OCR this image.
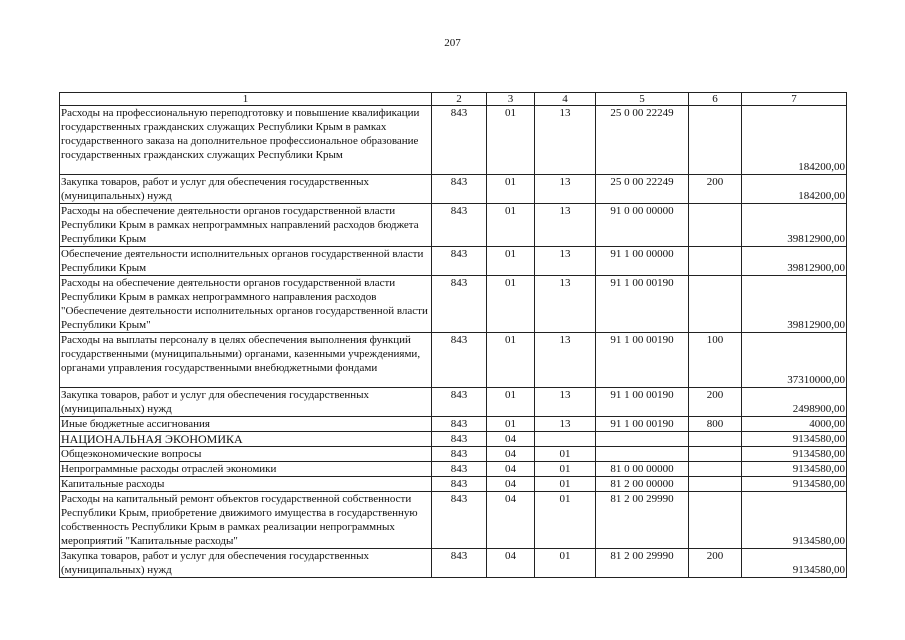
207
1	2	3	4	5	6	7
Расходы на профессиональную переподготовку и повышение квалификации государственных гражданских служащих Республики Крым в рамках государственного заказа на дополнительное профессиональное образование государственных гражданских служащих Республики Крым	843	01	13	25 0 00 22249		184200,00
Закупка товаров, работ и услуг для обеспечения государственных (муниципальных) нужд	843	01	13	25 0 00 22249	200	184200,00
Расходы на обеспечение деятельности органов государственной власти Республики Крым в рамках непрограммных направлений расходов бюджета Республики Крым	843	01	13	91 0 00 00000		39812900,00
Обеспечение деятельности исполнительных органов государственной власти Республики Крым	843	01	13	91 1 00 00000		39812900,00
Расходы на обеспечение деятельности органов государственной власти Республики Крым в рамках непрограммного направления расходов "Обеспечение деятельности исполнительных органов государственной власти Республики Крым"	843	01	13	91 1 00 00190		39812900,00
Расходы на выплаты персоналу в целях обеспечения выполнения функций государственными (муниципальными) органами, казенными учреждениями, органами управления государственными внебюджетными фондами	843	01	13	91 1 00 00190	100	37310000,00
Закупка товаров, работ и услуг для обеспечения государственных (муниципальных) нужд	843	01	13	91 1 00 00190	200	2498900,00
Иные бюджетные ассигнования	843	01	13	91 1 00 00190	800	4000,00
НАЦИОНАЛЬНАЯ ЭКОНОМИКА	843	04				9134580,00
Общеэкономические вопросы	843	04	01			9134580,00
Непрограммные расходы отраслей экономики	843	04	01	81 0 00 00000		9134580,00
Капитальные расходы	843	04	01	81 2 00 00000		9134580,00
Расходы на капитальный ремонт объектов государственной собственности Республики Крым, приобретение движимого имущества в государственную собственность Республики Крым в рамках реализации непрограммных мероприятий "Капитальные расходы"	843	04	01	81 2 00 29990		9134580,00
Закупка товаров, работ и услуг для обеспечения государственных (муниципальных) нужд	843	04	01	81 2 00 29990	200	9134580,00
